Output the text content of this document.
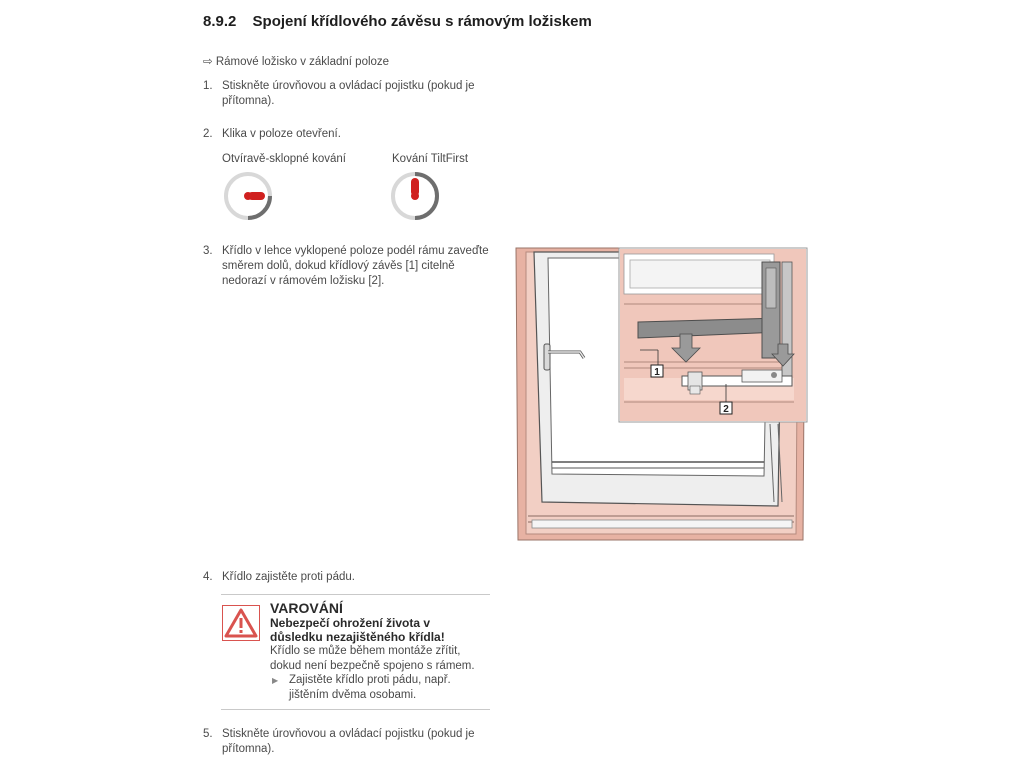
8.9.2 Spojení křídlového závěsu s rámovým ložiskem
⇨ Rámové ložisko v základní poloze
1. Stiskněte úrovňovou a ovládací pojistku (pokud je přítomna).
2. Klika v poloze otevření.
Otvíravě-sklopné kování	Kování TiltFirst
3. Křídlo v lehce vyklopené poloze podél rámu zaveďte směrem dolů, dokud křídlový závěs [1] citelně nedorazí v rámovém ložisku [2].
1
2
4. Křídlo zajistěte proti pádu.
VAROVÁNÍ
Nebezpečí ohrožení života v důsledku nezajištěného křídla!
Křídlo se může během montáže zřítit, dokud není bezpečně spojeno s rámem.
▶ Zajistěte křídlo proti pádu, např. jištěním dvěma osobami.
5. Stiskněte úrovňovou a ovládací pojistku (pokud je přítomna).
